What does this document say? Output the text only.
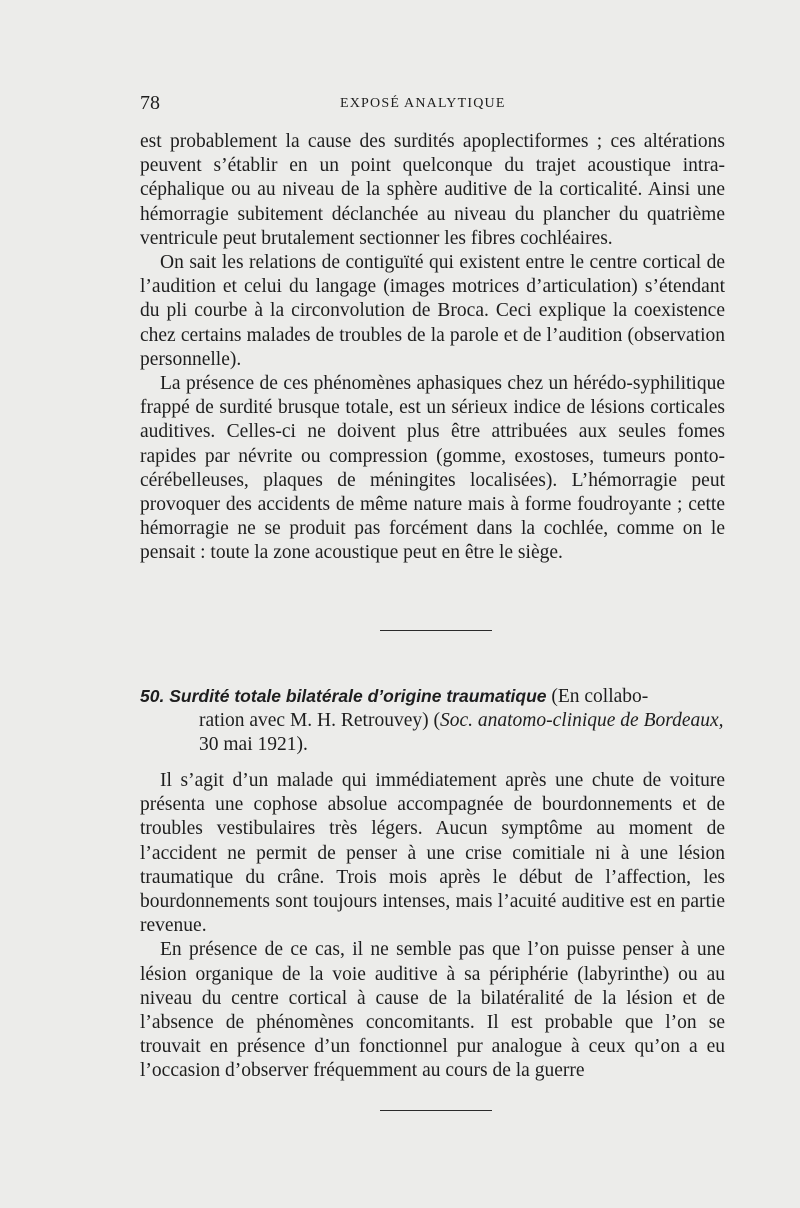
78	EXPOSÉ ANALYTIQUE

est probablement la cause des surdités apoplectiformes ; ces altérations peuvent s’établir en un point quelconque du trajet acoustique intra-céphalique ou au niveau de la sphère auditive de la corticalité. Ainsi une hémorragie subitement déclanchée au niveau du plancher du quatrième ventricule peut brutalement sectionner les fibres cochléaires.

On sait les relations de contiguïté qui existent entre le centre cortical de l’audition et celui du langage (images motrices d’articulation) s’étendant du pli courbe à la circonvolution de Broca. Ceci explique la coexistence chez certains malades de troubles de la parole et de l’audition (observation personnelle).

La présence de ces phénomènes aphasiques chez un hérédo-syphilitique frappé de surdité brusque totale, est un sérieux indice de lésions corticales auditives. Celles-ci ne doivent plus être attribuées aux seules fomes rapides par névrite ou compression (gomme, exostoses, tumeurs ponto-cérébelleuses, plaques de méningites localisées). L’hémorragie peut provoquer des accidents de même nature mais à forme foudroyante ; cette hémorragie ne se produit pas forcément dans la cochlée, comme on le pensait : toute la zone acoustique peut en être le siège.

50. Surdité totale bilatérale d’origine traumatique (En collabo-
ration avec M. H. Retrouvey) (Soc. anatomo-clinique de Bordeaux,
30 mai 1921).

Il s’agit d’un malade qui immédiatement après une chute de voiture présenta une cophose absolue accompagnée de bourdonnements et de troubles vestibulaires très légers. Aucun symptôme au moment de l’accident ne permit de penser à une crise comitiale ni à une lésion traumatique du crâne. Trois mois après le début de l’affection, les bourdonnements sont toujours intenses, mais l’acuité auditive est en partie revenue.

En présence de ce cas, il ne semble pas que l’on puisse penser à une lésion organique de la voie auditive à sa périphérie (labyrinthe) ou au niveau du centre cortical à cause de la bilatéralité de la lésion et de l’absence de phénomènes concomitants. Il est probable que l’on se trouvait en présence d’un fonctionnel pur analogue à ceux qu’on a eu l’occasion d’observer fréquemment au cours de la guerre
